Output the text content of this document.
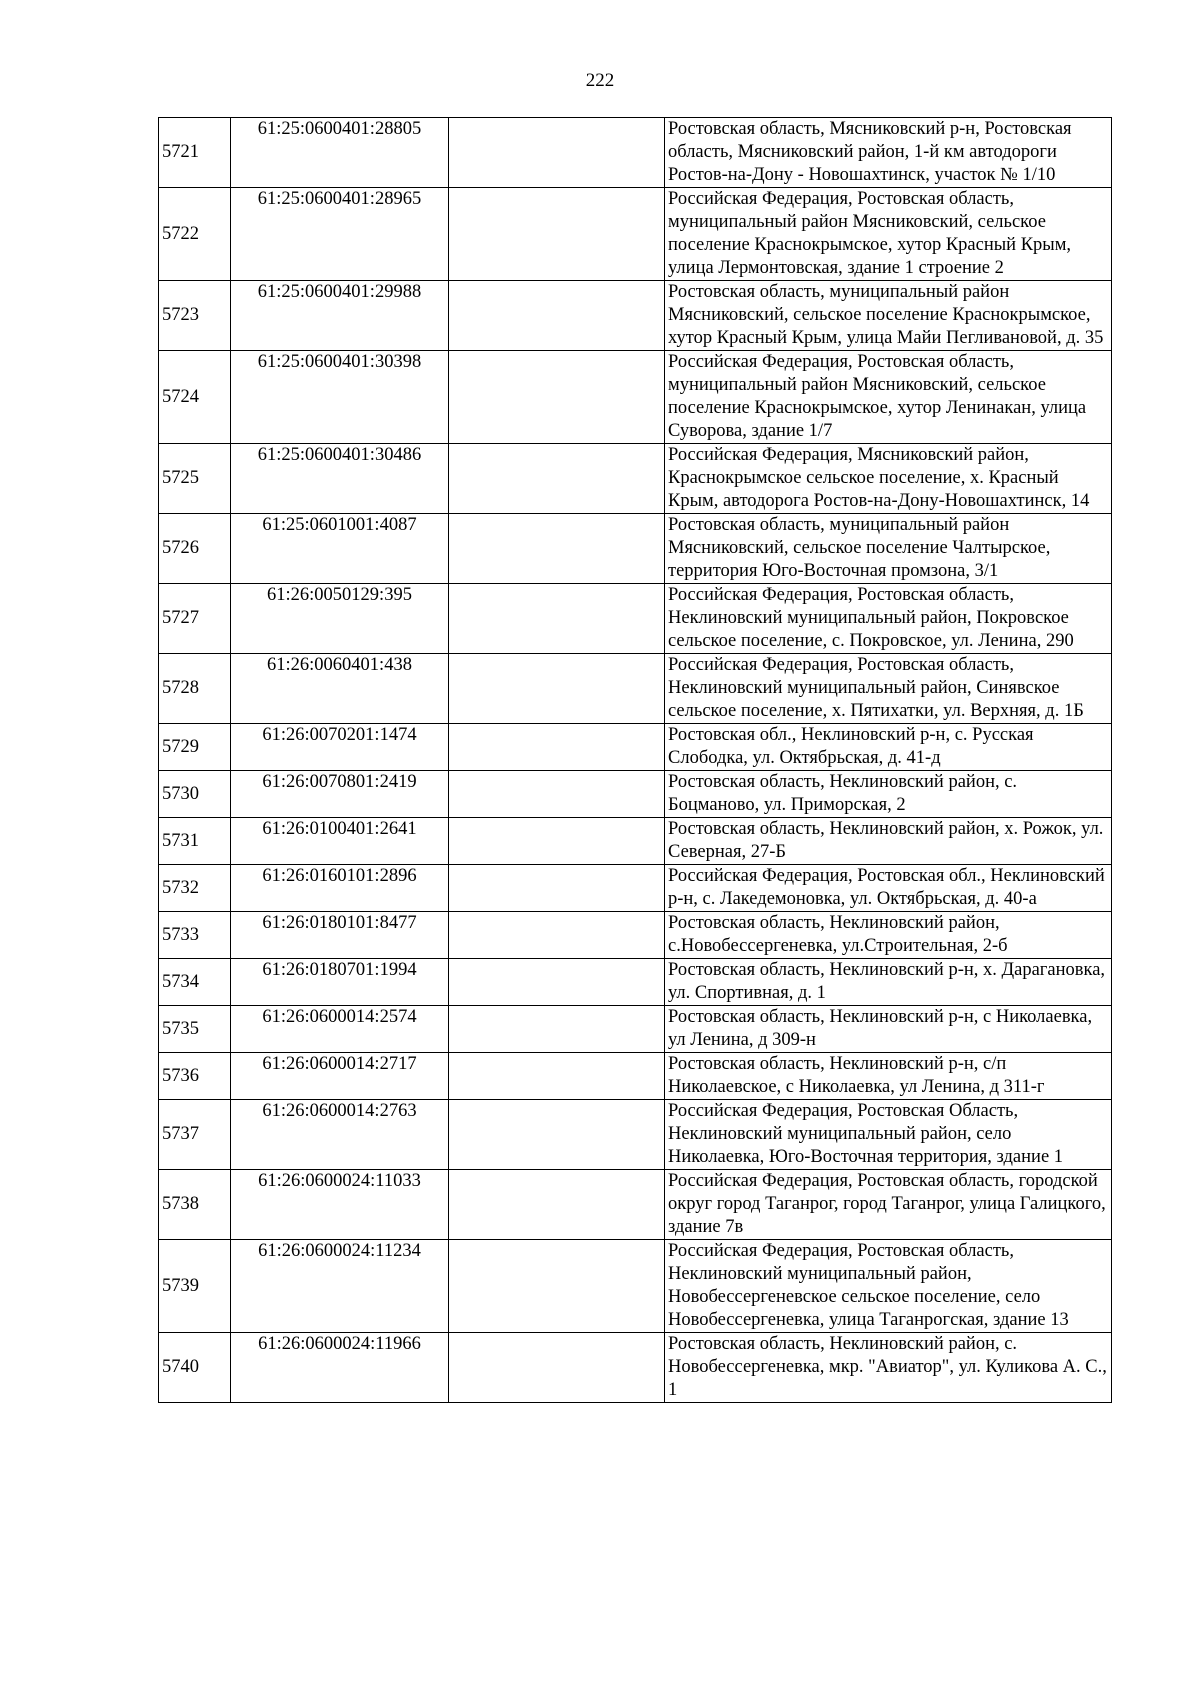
222
5721	61:25:0600401:28805		Ростовская область, Мясниковский р-н, Ростовская область, Мясниковский район, 1-й км автодороги Ростов-на-Дону - Новошахтинск, участок № 1/10
5722	61:25:0600401:28965		Российская Федерация, Ростовская область, муниципальный район Мясниковский, сельское поселение Краснокрымское, хутор Красный Крым, улица Лермонтовская, здание 1 строение 2
5723	61:25:0600401:29988		Ростовская область, муниципальный район Мясниковский, сельское поселение Краснокрымское, хутор Красный Крым, улица Майи Пегливановой, д. 35
5724	61:25:0600401:30398		Российская Федерация, Ростовская область, муниципальный район Мясниковский, сельское поселение Краснокрымское, хутор Ленинакан, улица Суворова, здание 1/7
5725	61:25:0600401:30486		Российская Федерация, Мясниковский район, Краснокрымское сельское поселение, х. Красный Крым, автодорога Ростов-на-Дону-Новошахтинск, 14
5726	61:25:0601001:4087		Ростовская область, муниципальный район Мясниковский, сельское поселение Чалтырское, территория Юго-Восточная промзона, 3/1
5727	61:26:0050129:395		Российская Федерация, Ростовская область, Неклиновский муниципальный район, Покровское сельское поселение, с. Покровское, ул. Ленина, 290
5728	61:26:0060401:438		Российская Федерация, Ростовская область, Неклиновский муниципальный район, Синявское сельское поселение, х. Пятихатки, ул. Верхняя, д. 1Б
5729	61:26:0070201:1474		Ростовская обл., Неклиновский р-н, с. Русская Слободка, ул. Октябрьская, д. 41-д
5730	61:26:0070801:2419		Ростовская область, Неклиновский район, с. Боцманово, ул. Приморская, 2
5731	61:26:0100401:2641		Ростовская область, Неклиновский район, х. Рожок, ул. Северная, 27-Б
5732	61:26:0160101:2896		Российская Федерация, Ростовская обл., Неклиновский р-н, с. Лакедемоновка, ул. Октябрьская, д. 40-а
5733	61:26:0180101:8477		Ростовская область, Неклиновский район, с.Новобессергеневка, ул.Строительная, 2-б
5734	61:26:0180701:1994		Ростовская область, Неклиновский р-н, х. Дарагановка, ул. Спортивная, д. 1
5735	61:26:0600014:2574		Ростовская область, Неклиновский р-н, с Николаевка, ул Ленина, д 309-н
5736	61:26:0600014:2717		Ростовская область, Неклиновский р-н, с/п Николаевское, с Николаевка, ул Ленина, д 311-г
5737	61:26:0600014:2763		Российская Федерация, Ростовская Область, Неклиновский муниципальный район, село Николаевка, Юго-Восточная территория, здание 1
5738	61:26:0600024:11033		Российская Федерация, Ростовская область, городской округ город Таганрог, город Таганрог, улица Галицкого, здание 7в
5739	61:26:0600024:11234		Российская Федерация, Ростовская область, Неклиновский муниципальный район, Новобессергеневское сельское поселение, село Новобессергеневка, улица Таганрогская, здание 13
5740	61:26:0600024:11966		Ростовская область, Неклиновский район, с. Новобессергеневка, мкр. "Авиатор", ул. Куликова А. С., 1
